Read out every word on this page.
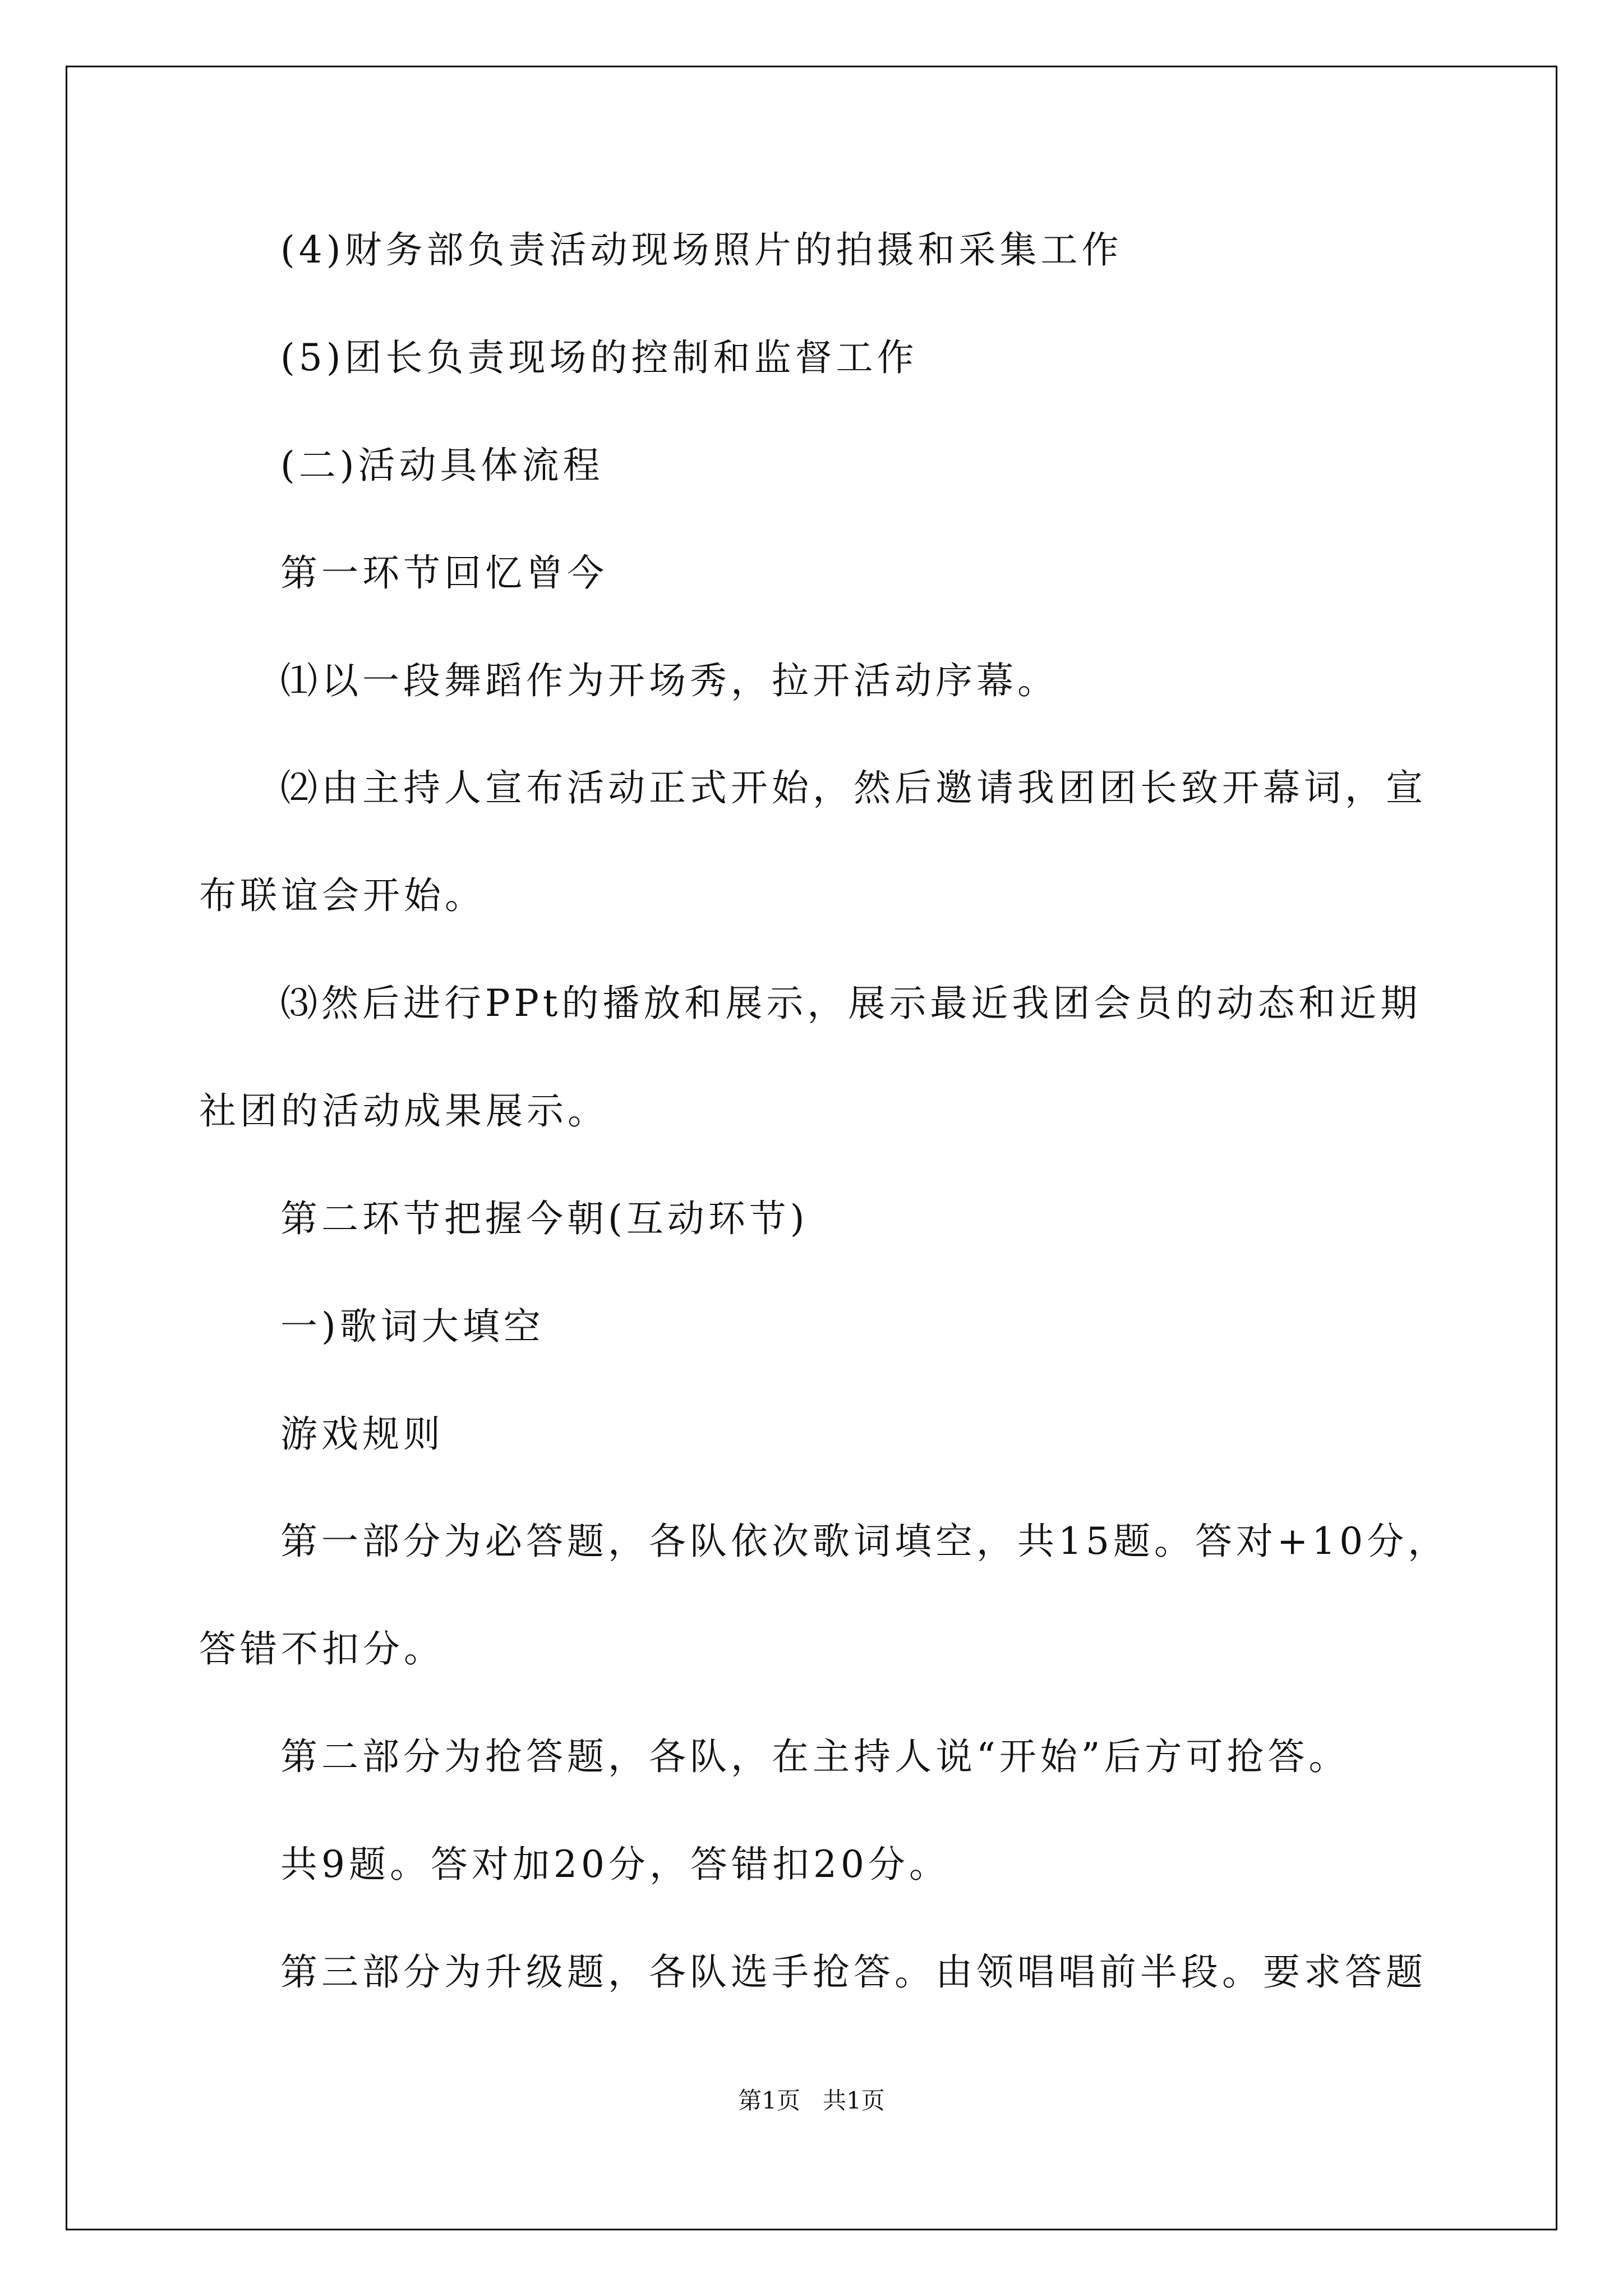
(4)财务部负责活动现场照片的拍摄和采集工作

(5)团长负责现场的控制和监督工作

(二)活动具体流程

第一环节回忆曾今

⑴以一段舞蹈作为开场秀，拉开活动序幕。

⑵由主持人宣布活动正式开始，然后邀请我团团长致开幕词，宣

布联谊会开始。

⑶然后进行PPt的播放和展示，展示最近我团会员的动态和近期

社团的活动成果展示。

第二环节把握今朝(互动环节)

一)歌词大填空

游戏规则

第一部分为必答题，各队依次歌词填空，共15题。答对+10分，

答错不扣分。

第二部分为抢答题，各队，在主持人说“开始”后方可抢答。

共9题。答对加20分，答错扣20分。

第三部分为升级题，各队选手抢答。由领唱唱前半段。要求答题

第1页   共1页
